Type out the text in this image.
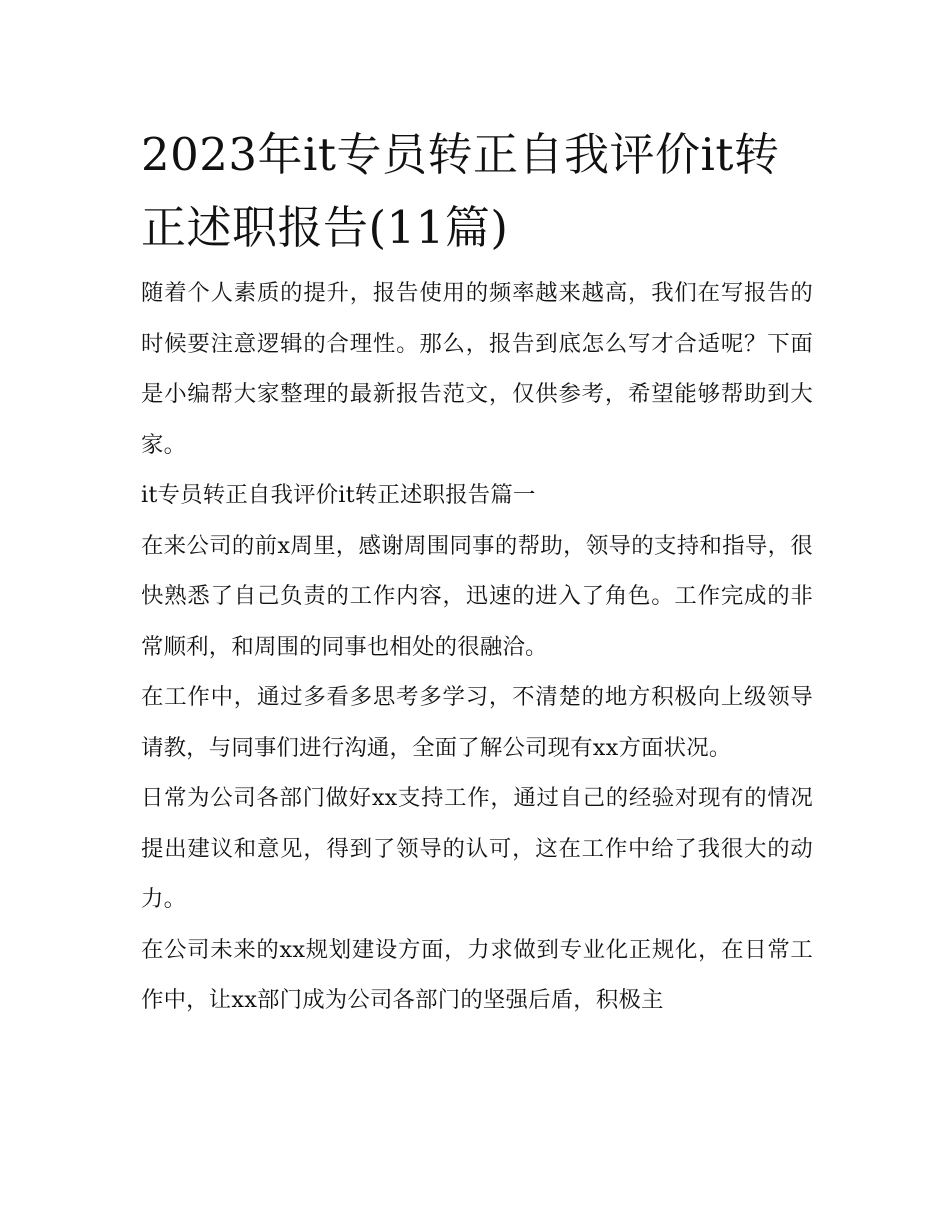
2023年it专员转正自我评价it转正述职报告(11篇)

随着个人素质的提升，报告使用的频率越来越高，我们在写报告的时候要注意逻辑的合理性。那么，报告到底怎么写才合适呢？下面是小编帮大家整理的最新报告范文，仅供参考，希望能够帮助到大家。

it专员转正自我评价it转正述职报告篇一

在来公司的前x周里，感谢周围同事的帮助，领导的支持和指导，很快熟悉了自己负责的工作内容，迅速的进入了角色。工作完成的非常顺利，和周围的同事也相处的很融洽。

在工作中，通过多看多思考多学习，不清楚的地方积极向上级领导请教，与同事们进行沟通，全面了解公司现有xx方面状况。

日常为公司各部门做好xx支持工作，通过自己的经验对现有的情况提出建议和意见，得到了领导的认可，这在工作中给了我很大的动力。

在公司未来的xx规划建设方面，力求做到专业化正规化，在日常工作中，让xx部门成为公司各部门的坚强后盾，积极主
